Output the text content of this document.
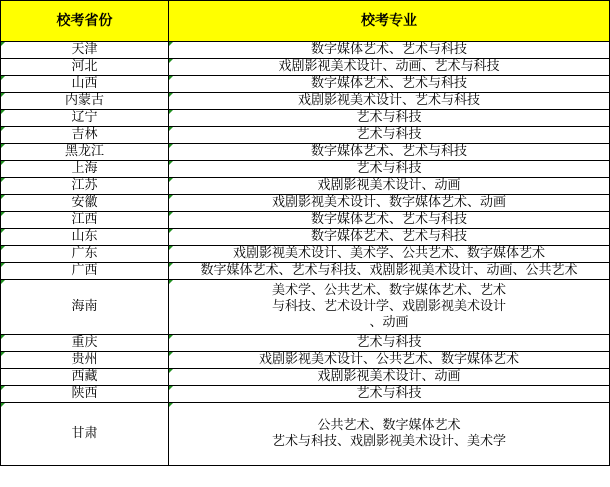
校考省份	校考专业

天津	数字媒体艺术、艺术与科技

河北	戏剧影视美术设计、动画、艺术与科技

山西	数字媒体艺术、艺术与科技

内蒙古	戏剧影视美术设计、艺术与科技

辽宁	艺术与科技

吉林	艺术与科技

黑龙江	数字媒体艺术、艺术与科技

上海	艺术与科技

江苏	戏剧影视美术设计、动画

安徽	戏剧影视美术设计、数字媒体艺术、动画

江西	数字媒体艺术、艺术与科技

山东	数字媒体艺术、艺术与科技

广东	戏剧影视美术设计、美术学、公共艺术、数字媒体艺术

广西	数字媒体艺术、艺术与科技、戏剧影视美术设计、动画、公共艺术

海南	美术学、公共艺术、数字媒体艺术、艺术
与科技、艺术设计学、戏剧影视美术设计
、动画

重庆	艺术与科技

贵州	戏剧影视美术设计、公共艺术、数字媒体艺术

西藏	戏剧影视美术设计、动画

陕西	艺术与科技

甘肃	公共艺术、数字媒体艺术
艺术与科技、戏剧影视美术设计、美术学
